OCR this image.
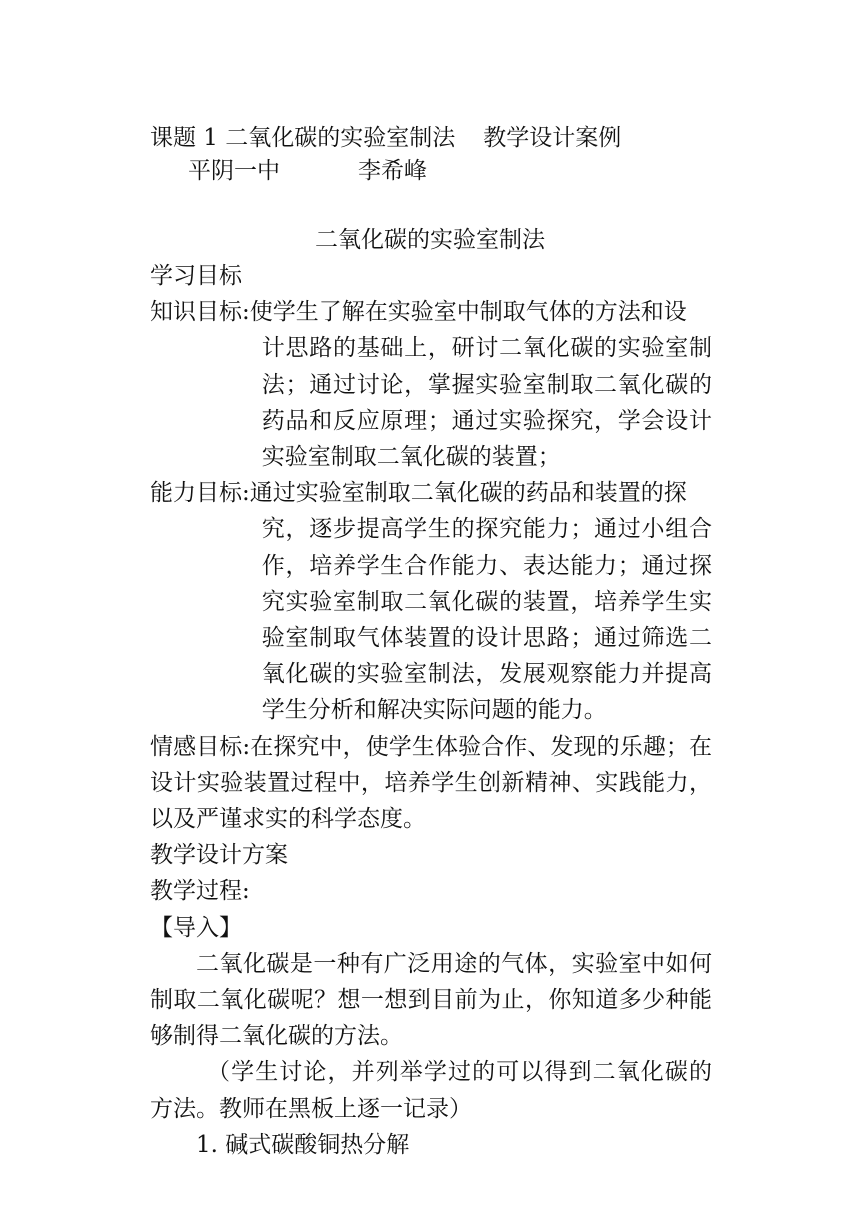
课题 1 二氧化碳的实验室制法 教学设计案例
平阴一中	李希峰
二氧化碳的实验室制法
学习目标
知识目标: 使学生了解在实验室中制取气体的方法和设
计思路的基础上，研讨二氧化碳的实验室制法；通过讨论，掌握实验室制取二氧化碳的药品和反应原理；通过实验探究，学会设计实验室制取二氧化碳的装置；
能力目标: 通过实验室制取二氧化碳的药品和装置的探
究，逐步提高学生的探究能力；通过小组合作，培养学生合作能力、表达能力；通过探究实验室制取二氧化碳的装置，培养学生实验室制取气体装置的设计思路；通过筛选二氧化碳的实验室制法，发展观察能力并提高学生分析和解决实际问题的能力。
情感目标:在探究中，使学生体验合作、发现的乐趣；在设计实验装置过程中，培养学生创新精神、实践能力，以及严谨求实的科学态度。
教学设计方案
教学过程:
【导入】
二氧化碳是一种有广泛用途的气体，实验室中如何制取二氧化碳呢？想一想到目前为止，你知道多少种能够制得二氧化碳的方法。
（学生讨论，并列举学过的可以得到二氧化碳的方法。教师在黑板上逐一记录）
1. 碱式碳酸铜热分解
